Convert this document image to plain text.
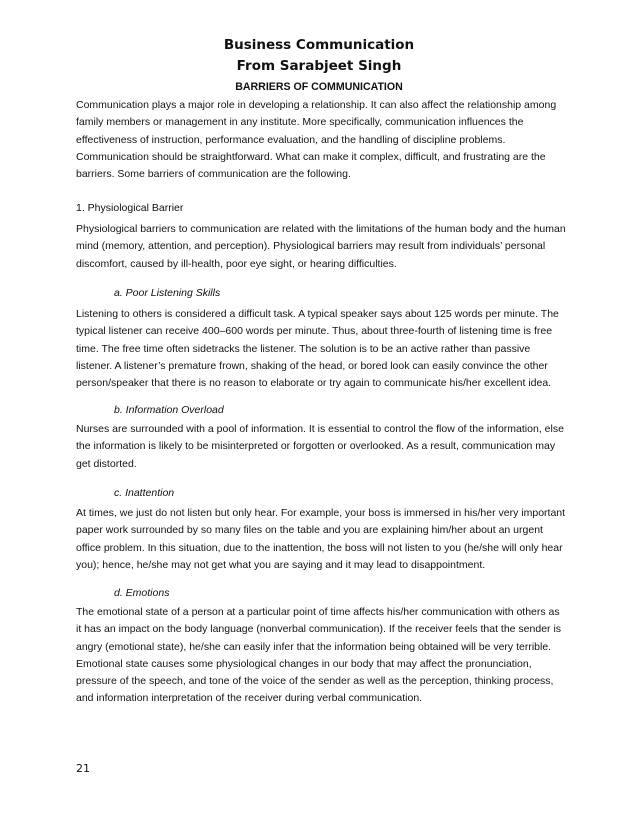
Business Communication
From Sarabjeet Singh
BARRIERS OF COMMUNICATION

Communication plays a major role in developing a relationship. It can also affect the relationship among family members or management in any institute. More specifically, communication influences the effectiveness of instruction, performance evaluation, and the handling of discipline problems. Communication should be straightforward. What can make it complex, difficult, and frustrating are the barriers. Some barriers of communication are the following.

1. Physiological Barrier

Physiological barriers to communication are related with the limitations of the human body and the human mind (memory, attention, and perception). Physiological barriers may result from individuals’ personal discomfort, caused by ill-health, poor eye sight, or hearing difficulties.

a. Poor Listening Skills

Listening to others is considered a difficult task. A typical speaker says about 125 words per minute. The typical listener can receive 400–600 words per minute. Thus, about three-fourth of listening time is free time. The free time often sidetracks the listener. The solution is to be an active rather than passive listener. A listener’s premature frown, shaking of the head, or bored look can easily convince the other person/speaker that there is no reason to elaborate or try again to communicate his/her excellent idea.

b. Information Overload

Nurses are surrounded with a pool of information. It is essential to control the flow of the information, else the information is likely to be misinterpreted or forgotten or overlooked. As a result, communication may get distorted.

c. Inattention

At times, we just do not listen but only hear. For example, your boss is immersed in his/her very important paper work surrounded by so many files on the table and you are explaining him/her about an urgent office problem. In this situation, due to the inattention, the boss will not listen to you (he/she will only hear you); hence, he/she may not get what you are saying and it may lead to disappointment.

d. Emotions

The emotional state of a person at a particular point of time affects his/her communication with others as it has an impact on the body language (nonverbal communication). If the receiver feels that the sender is angry (emotional state), he/she can easily infer that the information being obtained will be very terrible. Emotional state causes some physiological changes in our body that may affect the pronunciation, pressure of the speech, and tone of the voice of the sender as well as the perception, thinking process, and information interpretation of the receiver during verbal communication.

21
